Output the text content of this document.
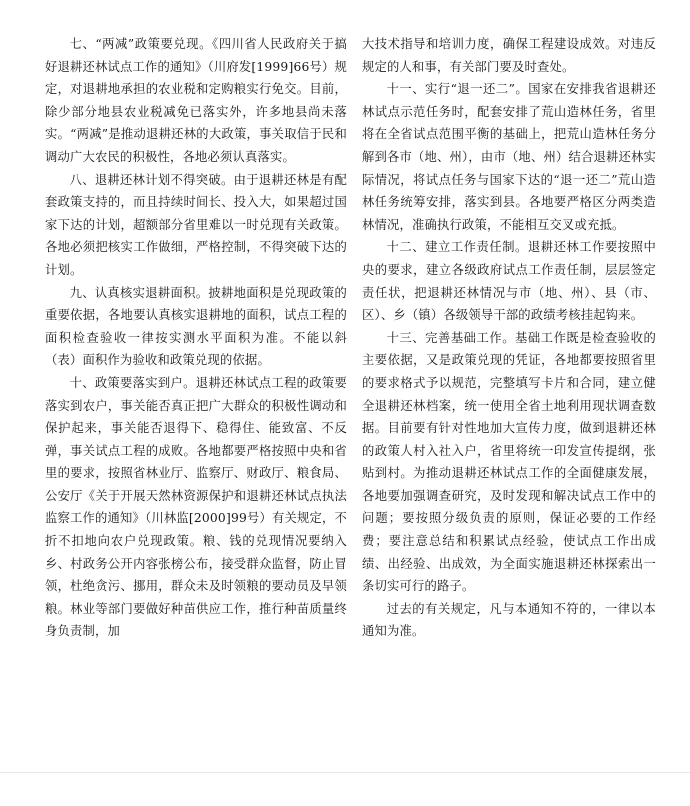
七、“两减”政策要兑现。《四川省人民政府关于搞好退耕还林试点工作的通知》（川府发[1999]66号）规定，对退耕地承担的农业税和定购粮实行免交。目前，除少部分地县农业税减免已落实外，许多地县尚未落实。“两减”是推动退耕还林的大政策，事关取信于民和调动广大农民的积极性，各地必须认真落实。

八、退耕还林计划不得突破。由于退耕还林是有配套政策支持的，而且持续时间长、投入大，如果超过国家下达的计划，超额部分省里难以一时兑现有关政策。各地必须把核实工作做细，严格控制，不得突破下达的计划。

九、认真核实退耕面积。披耕地面积是兑现政策的重要依据，各地要认真核实退耕地的面积，试点工程的面积检查验收一律按实测水平面积为准。不能以斜（表）面积作为验收和政策兑现的依据。

十、政策要落实到户。退耕还林试点工程的政策要落实到农户，事关能否真正把广大群众的积极性调动和保护起来，事关能否退得下、稳得住、能致富、不反弹，事关试点工程的成败。各地都要严格按照中央和省里的要求，按照省林业厅、监察厅、财政厅、粮食局、公安厅《关于开展天然林资源保护和退耕还林试点执法监察工作的通知》（川林监[2000]99号）有关规定，不折不扣地向农户兑现政策。粮、钱的兑现情况要纳入乡、村政务公开内容张榜公布，接受群众监督，防止冒领，杜绝贪污、挪用，群众未及时领粮的要动员及早领粮。林业等部门要做好种苗供应工作，推行种苗质量终身负责制，加

大技术指导和培训力度，确保工程建设成效。对违反规定的人和事，有关部门要及时查处。

十一、实行“退一还二”。国家在安排我省退耕还林试点示范任务时，配套安排了荒山造林任务，省里将在全省试点范围平衡的基础上，把荒山造林任务分解到各市（地、州），由市（地、州）结合退耕还林实际情况，将试点任务与国家下达的“退一还二”荒山造林任务统筹安排，落实到县。各地要严格区分两类造林情况，准确执行政策，不能相互交叉或充抵。

十二、建立工作责任制。退耕还林工作要按照中央的要求，建立各级政府试点工作责任制，层层签定责任状，把退耕还林情况与市（地、州）、县（市、区）、乡（镇）各级领导干部的政绩考核挂起钩来。

十三、完善基础工作。基础工作既是检查验收的主要依据，又是政策兑现的凭证，各地都要按照省里的要求格式予以规范，完整填写卡片和合同，建立健全退耕还林档案，统一使用全省土地利用现状调查数据。目前要有针对性地加大宣传力度，做到退耕还林的政策人村入社入户，省里将统一印发宣传提纲，张贴到村。为推动退耕还林试点工作的全面健康发展，各地要加强调查研究，及时发现和解决试点工作中的问题；要按照分级负责的原则，保证必要的工作经费；要注意总结和积累试点经验，使试点工作出成绩、出经验、出成效，为全面实施退耕还林探索出一条切实可行的路子。

过去的有关规定，凡与本通知不符的，一律以本通知为准。
